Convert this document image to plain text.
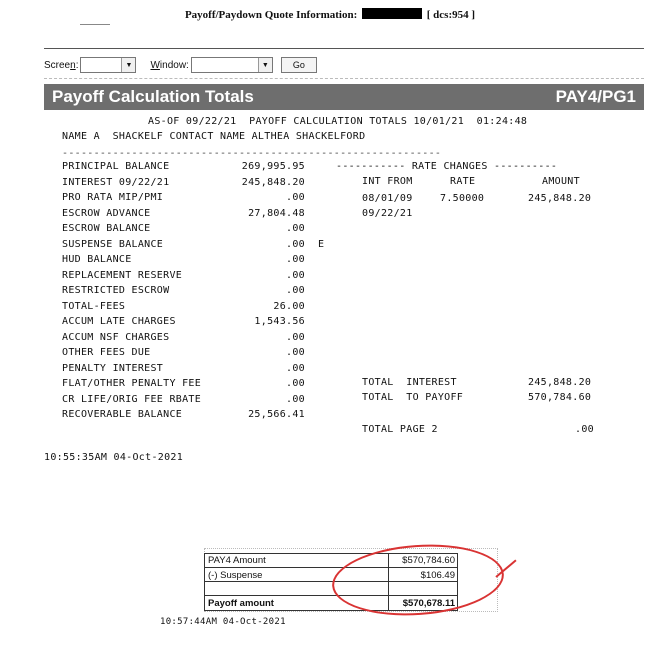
Payoff/Paydown Quote Information:	[ dcs:954 ]
Screen:	▼	Window:	▼	Go
Payoff Calculation Totals	PAY4/PG1
AS-OF 09/22/21  PAYOFF CALCULATION TOTALS 10/01/21  01:24:48
NAME A  SHACKELF CONTACT NAME ALTHEA SHACKELFORD
------------------------------------------------------------
PRINCIPAL BALANCE	269,995.95
INTEREST 09/22/21	245,848.20
PRO RATA MIP/PMI	.00
ESCROW ADVANCE	27,804.48
ESCROW BALANCE	.00
SUSPENSE BALANCE	.00 E
HUD BALANCE	.00
REPLACEMENT RESERVE	.00
RESTRICTED ESCROW	.00
TOTAL-FEES	26.00
ACCUM LATE CHARGES	1,543.56
ACCUM NSF CHARGES	.00
OTHER FEES DUE	.00
PENALTY INTEREST	.00
FLAT/OTHER PENALTY FEE	.00
CR LIFE/ORIG FEE RBATE	.00
RECOVERABLE BALANCE	25,566.41
----------- RATE CHANGES ----------
INT FROM	RATE	AMOUNT
08/01/09	7.50000	245,848.20
09/22/21
TOTAL  INTEREST	245,848.20
TOTAL  TO PAYOFF	570,784.60
TOTAL PAGE 2	.00
10:55:35AM 04-Oct-2021
PAY4 Amount	$570,784.60
(-) Suspense	$106.49
Payoff amount	$570,678.11
10:57:44AM 04-Oct-2021
